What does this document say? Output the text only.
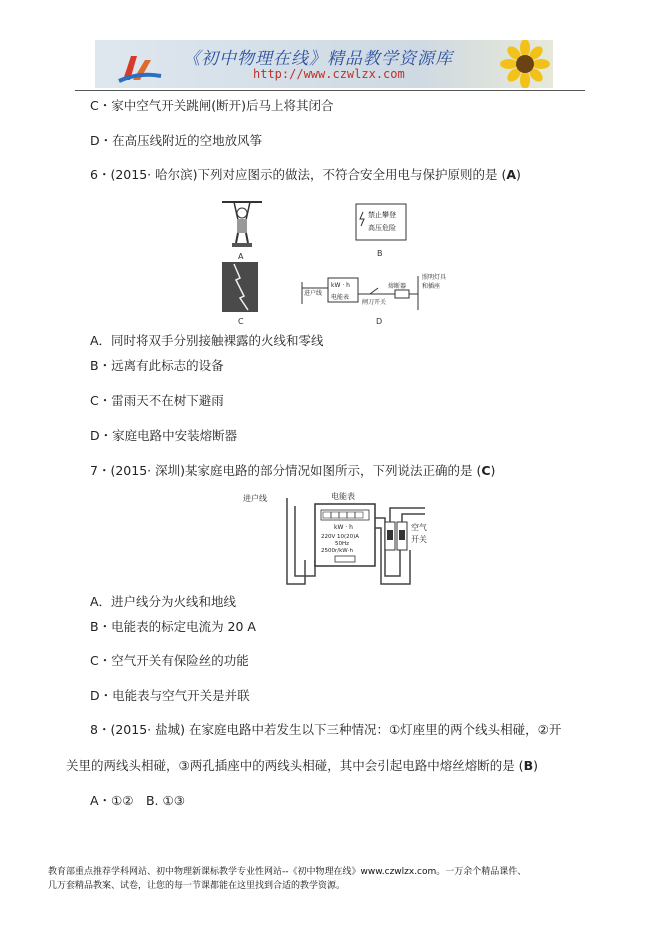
《初中物理在线》精品教学资源库
http://www.czwlzx.com
C・家中空气开关跳闸(断开)后马上将其闭合
D・在高压线附近的空地放风筝
6・(2015· 哈尔滨)下列对应图示的做法，不符合安全用电与保护原则的是 (A)
A
禁止攀登
高压危险
B
C
进户线
kW · h
电能表
闸刀开关
熔断器
照明灯具
和插座
D
A．同时将双手分别接触裸露的火线和零线
B・远离有此标志的设备
C・雷雨天不在树下避雨
D・家庭电路中安装熔断器
7・(2015· 深圳)某家庭电路的部分情况如图所示，下列说法正确的是 (C)
进户线	电能表
kW · h
220V 10(20)A
50Hz
2500r/kW·h
空气
开关
A．进户线分为火线和地线
B・电能表的标定电流为 20 A
C・空气开关有保险丝的功能
D・电能表与空气开关是并联
8・(2015· 盐城) 在家庭电路中若发生以下三种情况：①灯座里的两个线头相碰，②开
关里的两线头相碰，③两孔插座中的两线头相碰，其中会引起电路中熔丝熔断的是 (B)
A・①②　B. ①③
教育部重点推荐学科网站、初中物理新课标教学专业性网站--《初中物理在线》www.czwlzx.com。一万余个精品课件、
几万套精品教案、试卷，让您的每一节课都能在这里找到合适的教学资源。
